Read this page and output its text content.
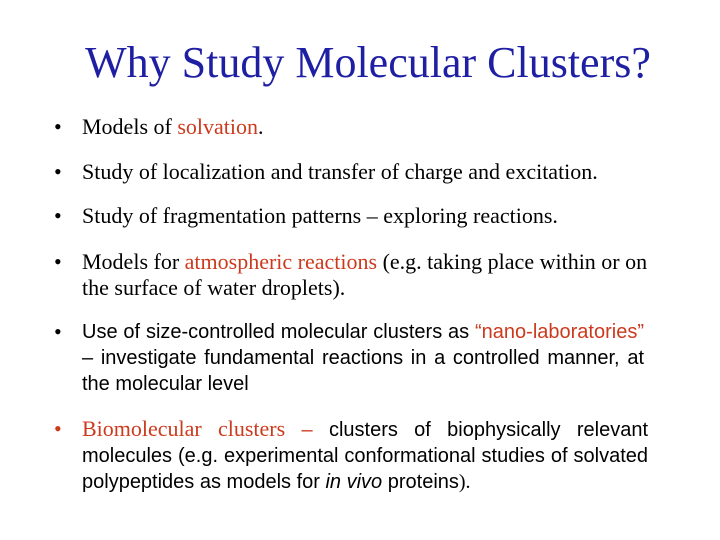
Why Study Molecular Clusters?
• Models of solvation.
• Study of localization and transfer of charge and excitation.
• Study of fragmentation patterns – exploring reactions.
• Models for atmospheric reactions (e.g. taking place within or on the surface of water droplets).
• Use of size-controlled molecular clusters as “nano-laboratories” – investigate fundamental reactions in a controlled manner, at the molecular level
• Biomolecular clusters – clusters of biophysically relevant molecules (e.g. experimental conformational studies of solvated polypeptides as models for in vivo proteins).
